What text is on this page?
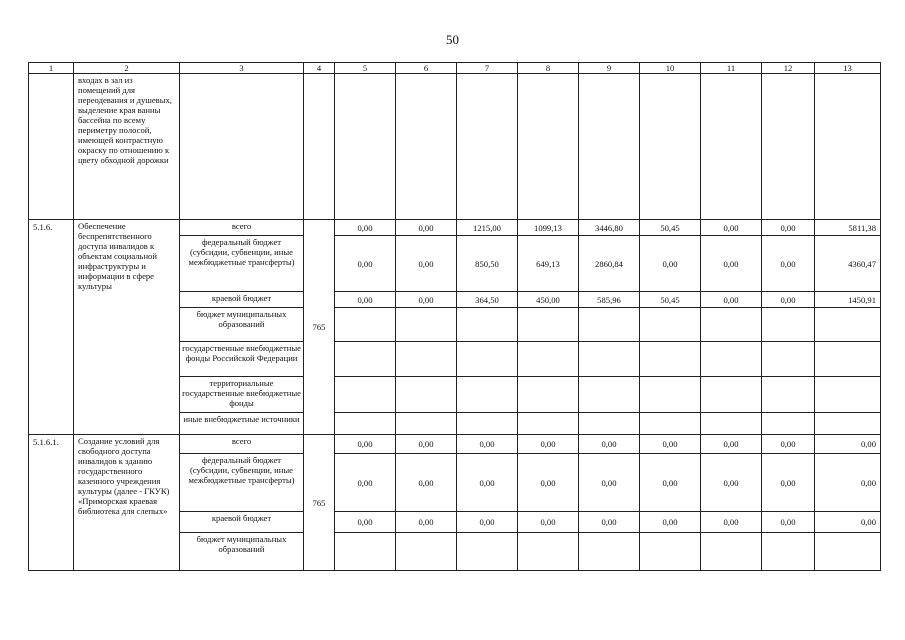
50
1	2	3	4	5	6	7	8	9	10	11	12	13
	входах в зал из помещений для переодевания и душевых, выделение края ванны бассейна по всему периметру полосой, имеющей контрастную окраску по отношению к цвету обходной дорожки											
5.1.6.	Обеспечение беспрепятственного доступа инвалидов к объектам социальной инфраструктуры и информации в сфере культуры	всего	765	0,00	0,00	1215,00	1099,13	3446,80	50,45	0,00	0,00	5811,38
		федеральный бюджет (субсидии, субвенции, иные межбюджетные трансферты)		0,00	0,00	850,50	649,13	2860,84	0,00	0,00	0,00	4360,47
		краевой бюджет		0,00	0,00	364,50	450,00	585,96	50,45	0,00	0,00	1450,91
		бюджет муниципальных образований										
		государственные внебюджетные фонды Российской Федерации										
		территориальные государственные внебюджетные фонды										
		иные внебюджетные источники										
5.1.6.1.	Создание условий для свободного доступа инвалидов к зданию государственного казенного учреждения культуры (далее - ГКУК) «Приморская краевая библиотека для слепых»	всего	765	0,00	0,00	0,00	0,00	0,00	0,00	0,00	0,00	0,00
		федеральный бюджет (субсидии, субвенции, иные межбюджетные трансферты)		0,00	0,00	0,00	0,00	0,00	0,00	0,00	0,00	0,00
		краевой бюджет		0,00	0,00	0,00	0,00	0,00	0,00	0,00	0,00	0,00
		бюджет муниципальных образований										
